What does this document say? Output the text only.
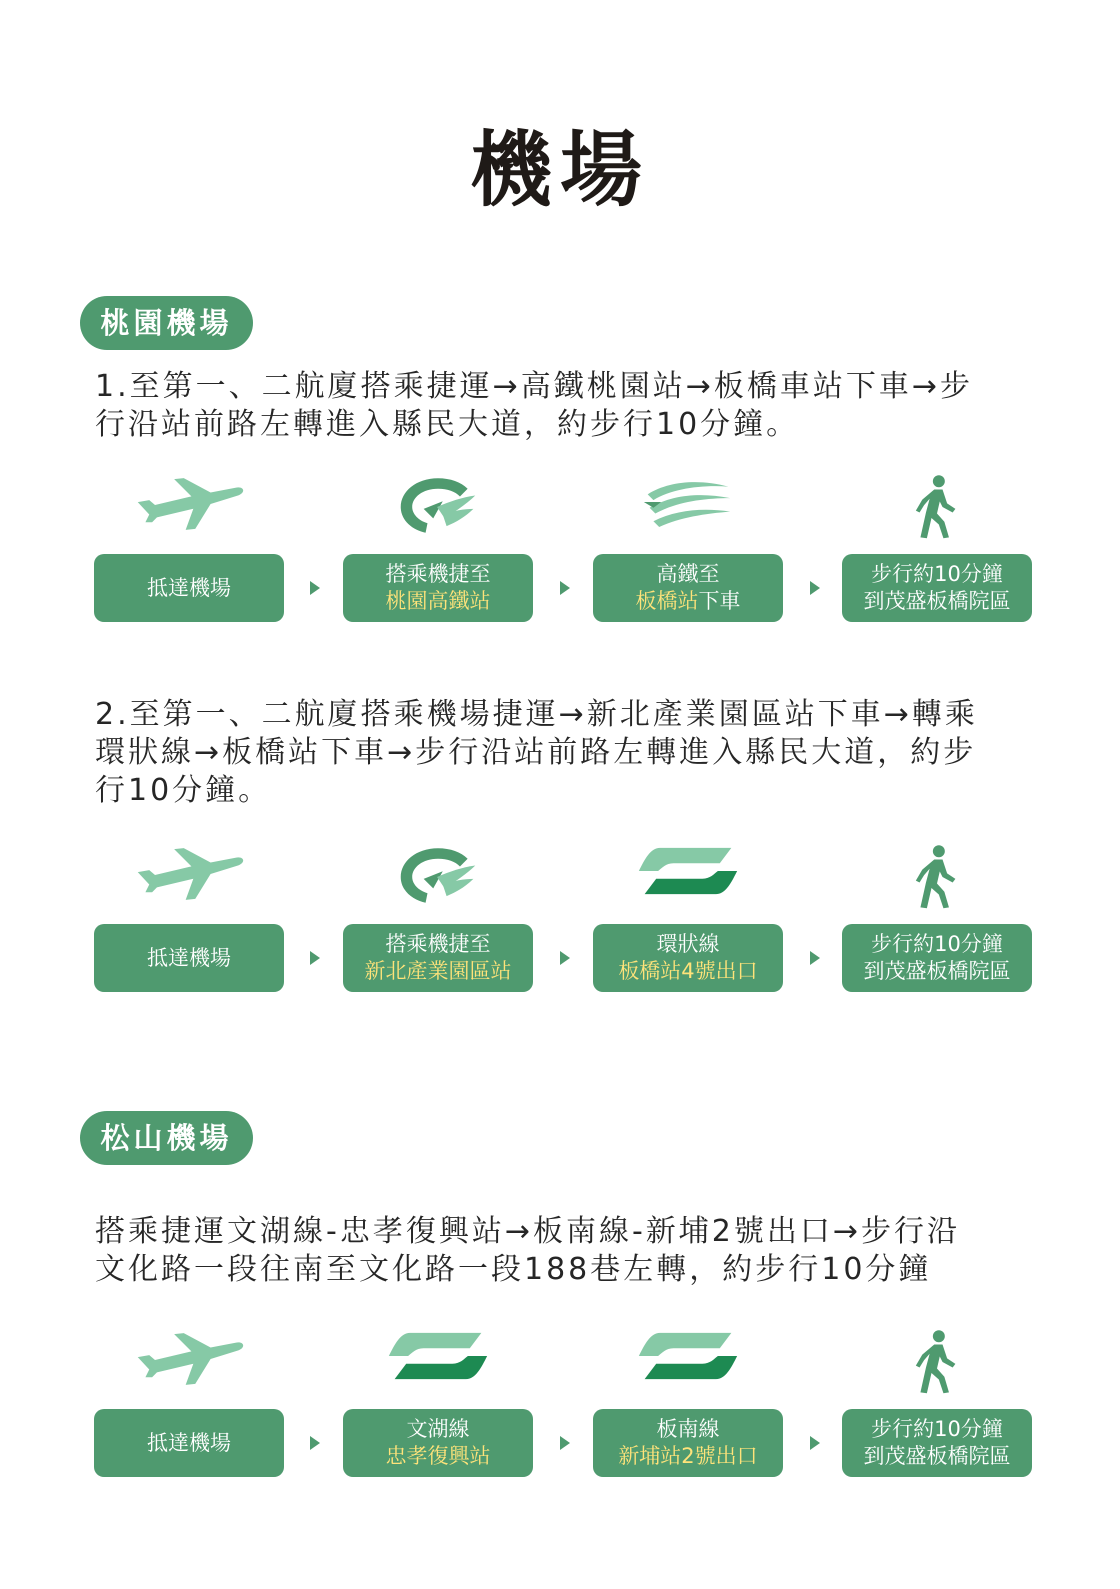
機場
桃園機場
1.至第一、二航廈搭乘捷運→高鐵桃園站→板橋車站下車→步
行沿站前路左轉進入縣民大道，約步行10分鐘。
抵達機場
搭乘機捷至
桃園高鐵站
高鐵至
板橋站下車
步行約10分鐘
到茂盛板橋院區
2.至第一、二航廈搭乘機場捷運→新北產業園區站下車→轉乘
環狀線→板橋站下車→步行沿站前路左轉進入縣民大道，約步
行10分鐘。
抵達機場
搭乘機捷至
新北產業園區站
環狀線
板橋站4號出口
步行約10分鐘
到茂盛板橋院區
松山機場
搭乘捷運文湖線-忠孝復興站→板南線-新埔2號出口→步行沿
文化路一段往南至文化路一段188巷左轉，約步行10分鐘
抵達機場
文湖線
忠孝復興站
板南線
新埔站2號出口
步行約10分鐘
到茂盛板橋院區
